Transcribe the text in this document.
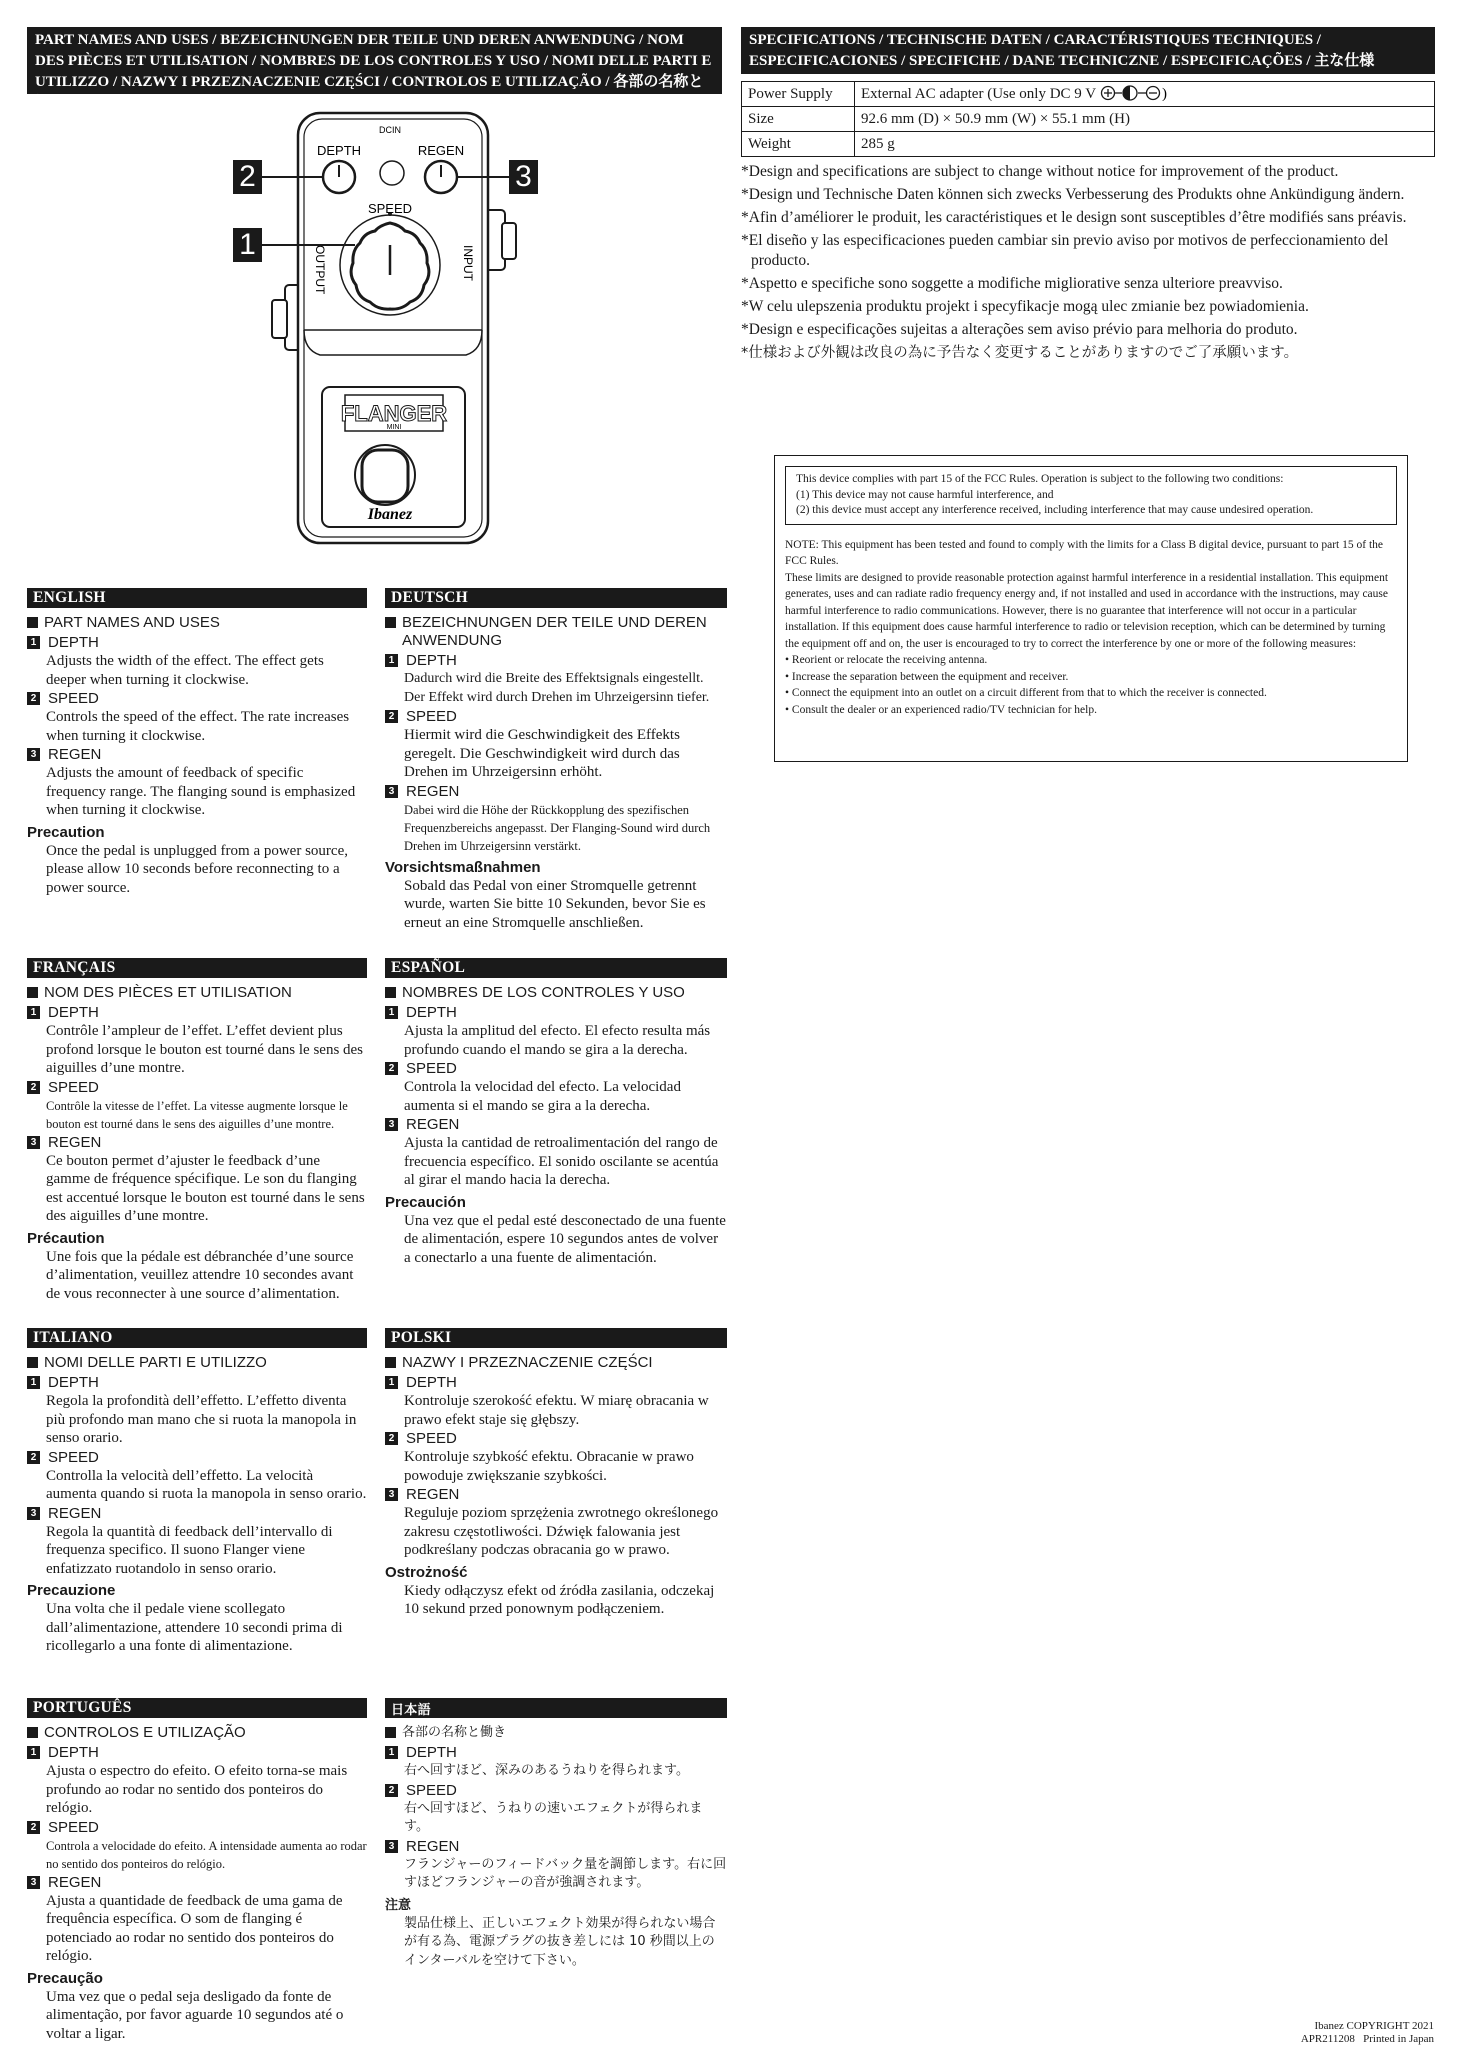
PART NAMES AND USES / BEZEICHNUNGEN DER TEILE UND DEREN ANWENDUNG / NOM DES PIÈCES ET UTILISATION / NOMBRES DE LOS CONTROLES Y USO / NOMI DELLE PARTI E UTILIZZO / NAZWY I PRZEZNACZENIE CZĘŚCI / CONTROLOS E UTILIZAÇÃO / 各部の名称と働き
DEPTH
DCIN
REGEN
SPEED
OUTPUT	INPUT
FLANGER
MINI
Ibanez
2	3
1
SPECIFICATIONS / TECHNISCHE DATEN / CARACTÉRISTIQUES TECHNIQUES / ESPECIFICACIONES / SPECIFICHE / DANE TECHNICZNE / ESPECIFICAÇÕES / 主な仕様
Power Supply	External AC adapter (Use only DC 9 V )

Size	92.6 mm (D) × 50.9 mm (W) × 55.1 mm (H)
Weight	285 g

*Design and specifications are subject to change without notice for improvement of the product.

*Design und Technische Daten können sich zwecks Verbesserung des Produkts ohne Ankündigung ändern.

*Afin d’améliorer le produit, les caractéristiques et le design sont susceptibles d’être modifiés sans préavis.

*El diseño y las especificaciones pueden cambiar sin previo aviso por motivos de perfeccionamiento del producto.

*Aspetto e specifiche sono soggette a modifiche migliorative senza ulteriore preavviso.

*W celu ulepszenia produktu projekt i specyfikacje mogą ulec zmianie bez powiadomienia.

*Design e especificações sujeitas a alterações sem aviso prévio para melhoria do produto.

*仕様および外観は改良の為に予告なく変更することがありますのでご了承願います。

This device complies with part 15 of the FCC Rules. Operation is subject to the following two conditions:
(1) This device may not cause harmful interference, and
(2) this device must accept any interference received, including interference that may cause undesired operation.

NOTE: This equipment has been tested and found to comply with the limits for a Class B digital device, pursuant to part 15 of the FCC Rules.

These limits are designed to provide reasonable protection against harmful interference in a residential installation. This equipment generates, uses and can radiate radio frequency energy and, if not installed and used in accordance with the instructions, may cause harmful interference to radio communications. However, there is no guarantee that interference will not occur in a particular installation. If this equipment does cause harmful interference to radio or television reception, which can be determined by turning the equipment off and on, the user is encouraged to try to correct the interference by one or more of the following measures:

• Reorient or relocate the receiving antenna.
• Increase the separation between the equipment and receiver.
• Connect the equipment into an outlet on a circuit different from that to which the receiver is connected.
• Consult the dealer or an experienced radio/TV technician for help.
ENGLISH
PART NAMES AND USES
1 DEPTH
Adjusts the width of the effect. The effect gets deeper when turning it clockwise.
2 SPEED
Controls the speed of the effect. The rate increases when turning it clockwise.
3 REGEN
Adjusts the amount of feedback of specific frequency range. The flanging sound is emphasized when turning it clockwise.
Precaution
Once the pedal is unplugged from a power source, please allow 10 seconds before reconnecting to a power source.
DEUTSCH
BEZEICHNUNGEN DER TEILE UND DEREN ANWENDUNG
1 DEPTH
Dadurch wird die Breite des Effektsignals eingestellt. Der Effekt wird durch Drehen im Uhrzeigersinn tiefer.
2 SPEED
Hiermit wird die Geschwindigkeit des Effekts geregelt. Die Geschwindigkeit wird durch das Drehen im Uhrzeigersinn erhöht.
3 REGEN
Dabei wird die Höhe der Rückkopplung des spezifischen Frequenzbereichs angepasst. Der Flanging-Sound wird durch Drehen im Uhrzeigersinn verstärkt.
Vorsichtsmaßnahmen
Sobald das Pedal von einer Stromquelle getrennt wurde, warten Sie bitte 10 Sekunden, bevor Sie es erneut an eine Stromquelle anschließen.
FRANÇAIS
NOM DES PIÈCES ET UTILISATION
1 DEPTH
Contrôle l’ampleur de l’effet. L’effet devient plus profond lorsque le bouton est tourné dans le sens des aiguilles d’une montre.
2 SPEED
Contrôle la vitesse de l’effet. La vitesse augmente lorsque le bouton est tourné dans le sens des aiguilles d’une montre.
3 REGEN
Ce bouton permet d’ajuster le feedback d’une gamme de fréquence spécifique. Le son du flanging est accentué lorsque le bouton est tourné dans le sens des aiguilles d’une montre.
Précaution
Une fois que la pédale est débranchée d’une source d’alimentation, veuillez attendre 10 secondes avant de vous reconnecter à une source d’alimentation.
ESPAÑOL
NOMBRES DE LOS CONTROLES Y USO
1 DEPTH
Ajusta la amplitud del efecto. El efecto resulta más profundo cuando el mando se gira a la derecha.
2 SPEED
Controla la velocidad del efecto. La velocidad aumenta si el mando se gira a la derecha.
3 REGEN
Ajusta la cantidad de retroalimentación del rango de frecuencia específico. El sonido oscilante se acentúa al girar el mando hacia la derecha.
Precaución
Una vez que el pedal esté desconectado de una fuente de alimentación, espere 10 segundos antes de volver a conectarlo a una fuente de alimentación.
ITALIANO
NOMI DELLE PARTI E UTILIZZO
1 DEPTH
Regola la profondità dell’effetto. L’effetto diventa più profondo man mano che si ruota la manopola in senso orario.
2 SPEED
Controlla la velocità dell’effetto. La velocità aumenta quando si ruota la manopola in senso orario.
3 REGEN
Regola la quantità di feedback dell’intervallo di frequenza specifico. Il suono Flanger viene enfatizzato ruotandolo in senso orario.
Precauzione
Una volta che il pedale viene scollegato dall’alimentazione, attendere 10 secondi prima di ricollegarlo a una fonte di alimentazione.
POLSKI
NAZWY I PRZEZNACZENIE CZĘŚCI
1 DEPTH
Kontroluje szerokość efektu. W miarę obracania w prawo efekt staje się głębszy.
2 SPEED
Kontroluje szybkość efektu. Obracanie w prawo powoduje zwiększanie szybkości.
3 REGEN
Reguluje poziom sprzężenia zwrotnego określonego zakresu częstotliwości. Dźwięk falowania jest podkreślany podczas obracania go w prawo.
Ostrożność
Kiedy odłączysz efekt od źródła zasilania, odczekaj 10 sekund przed ponownym podłączeniem.
PORTUGUÊS
CONTROLOS E UTILIZAÇÃO
1 DEPTH
Ajusta o espectro do efeito. O efeito torna-se mais profundo ao rodar no sentido dos ponteiros do relógio.
2 SPEED
Controla a velocidade do efeito. A intensidade aumenta ao rodar no sentido dos ponteiros do relógio.
3 REGEN
Ajusta a quantidade de feedback de uma gama de frequência específica. O som de flanging é potenciado ao rodar no sentido dos ponteiros do relógio.
Precaução
Uma vez que o pedal seja desligado da fonte de alimentação, por favor aguarde 10 segundos até o voltar a ligar.
日本語
各部の名称と働き
1 DEPTH
右へ回すほど、深みのあるうねりを得られます。
2 SPEED
右へ回すほど、うねりの速いエフェクトが得られます。
3 REGEN
フランジャーのフィードバック量を調節します。右に回すほどフランジャーの音が強調されます。
注意
製品仕様上、正しいエフェクト効果が得られない場合が有る為、電源プラグの抜き差しには 10 秒間以上のインターバルを空けて下さい。
Ibanez COPYRIGHT 2021
APR211208 Printed in Japan
